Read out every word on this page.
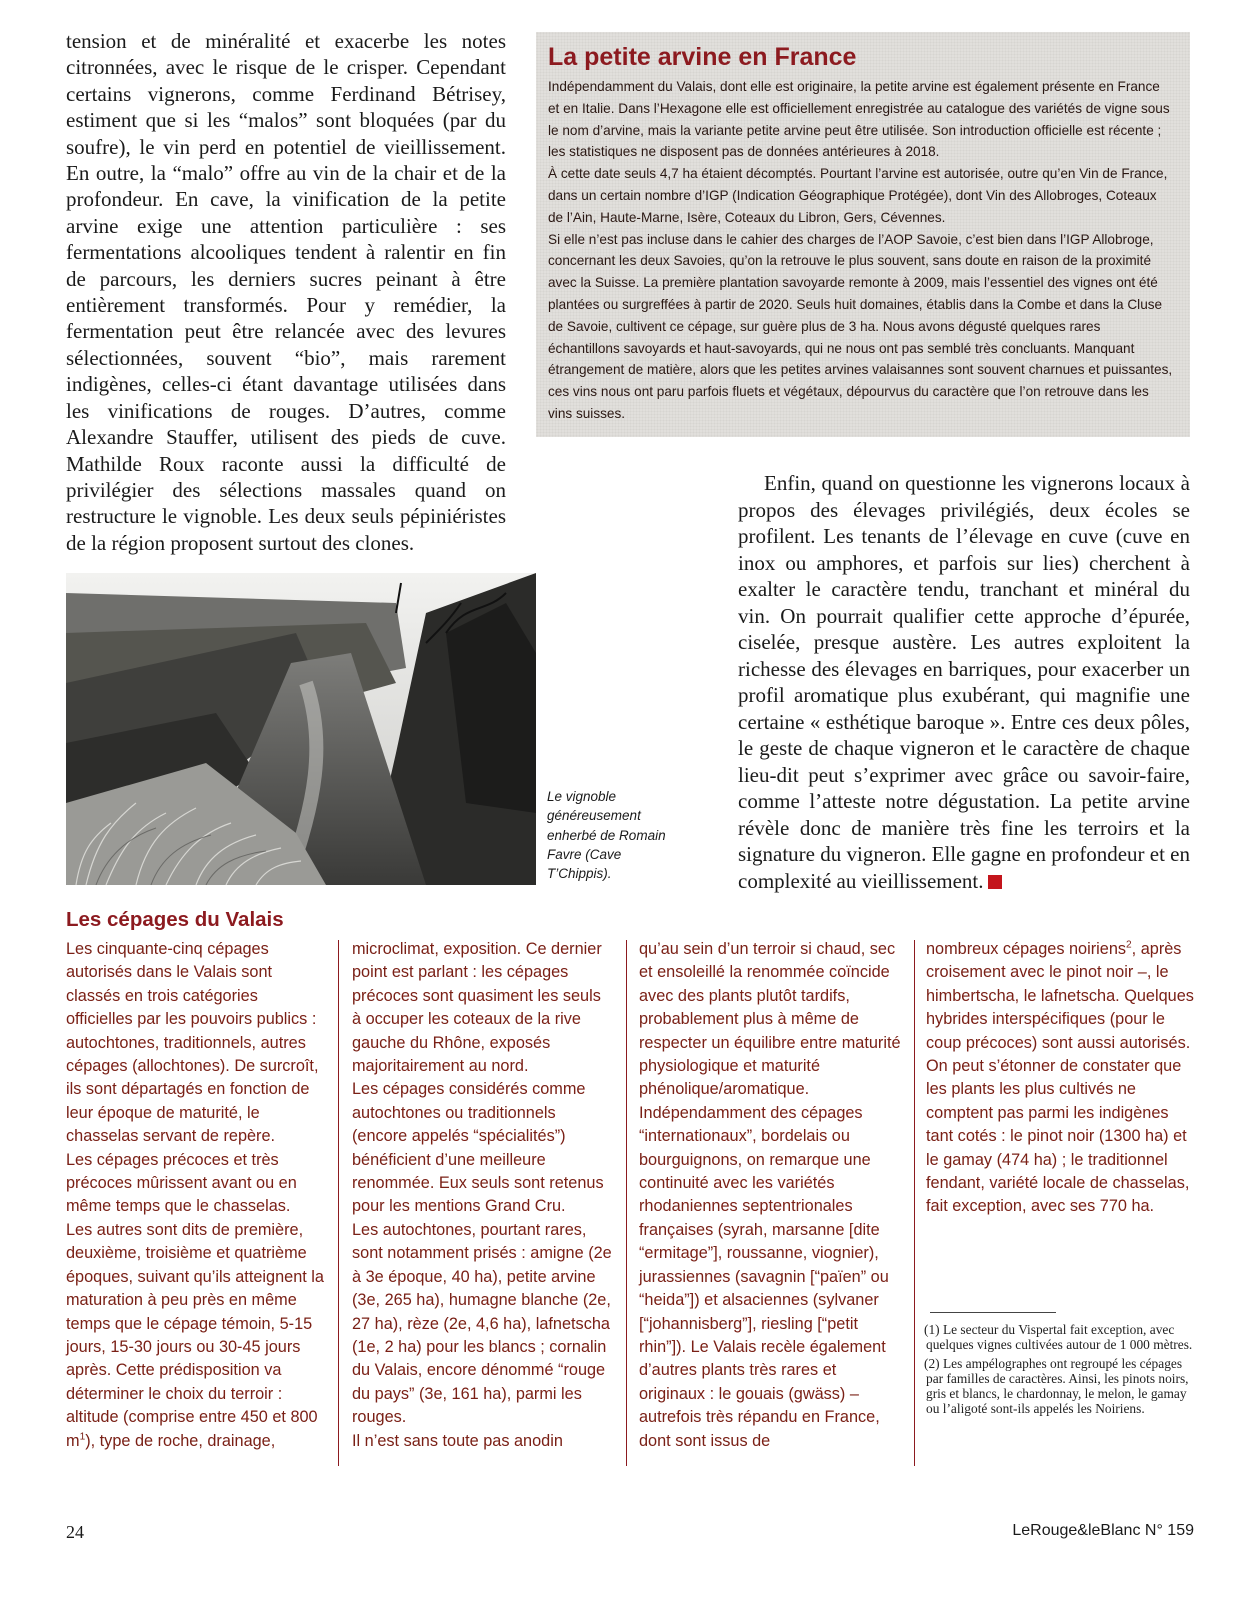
tension et de minéralité et exacerbe les notes citronnées, avec le risque de le crisper. Cependant certains vignerons, comme Ferdinand Bétrisey, estiment que si les “malos” sont bloquées (par du soufre), le vin perd en potentiel de vieillissement. En outre, la “malo” offre au vin de la chair et de la profondeur. En cave, la vinification de la petite arvine exige une attention particulière : ses fermentations alcooliques tendent à ralentir en fin de parcours, les derniers sucres peinant à être entièrement transformés. Pour y remédier, la fermentation peut être relancée avec des levures sélectionnées, souvent “bio”, mais rarement indigènes, celles-ci étant davantage utilisées dans les vinifications de rouges. D’autres, comme Alexandre Stauffer, utilisent des pieds de cuve. Mathilde Roux raconte aussi la difficulté de privilégier des sélections massales quand on restructure le vignoble. Les deux seuls pépiniéristes de la région proposent surtout des clones.

La petite arvine en France

Indépendamment du Valais, dont elle est originaire, la petite arvine est également présente en France et en Italie. Dans l’Hexagone elle est officiellement enregistrée au catalogue des variétés de vigne sous le nom d’arvine, mais la variante petite arvine peut être utilisée. Son introduction officielle est récente ; les statistiques ne disposent pas de données antérieures à 2018.

À cette date seuls 4,7 ha étaient décomptés. Pourtant l’arvine est autorisée, outre qu’en Vin de France, dans un certain nombre d’IGP (Indication Géographique Protégée), dont Vin des Allobroges, Coteaux de l’Ain, Haute-Marne, Isère, Coteaux du Libron, Gers, Cévennes.

Si elle n’est pas incluse dans le cahier des charges de l’AOP Savoie, c’est bien dans l’IGP Allobroge, concernant les deux Savoies, qu’on la retrouve le plus souvent, sans doute en raison de la proximité avec la Suisse. La première plantation savoyarde remonte à 2009, mais l’essentiel des vignes ont été plantées ou surgreffées à partir de 2020. Seuls huit domaines, établis dans la Combe et dans la Cluse de Savoie, cultivent ce cépage, sur guère plus de 3 ha. Nous avons dégusté quelques rares échantillons savoyards et haut-savoyards, qui ne nous ont pas semblé très concluants. Manquant étrangement de matière, alors que les petites arvines valaisannes sont souvent charnues et puissantes, ces vins nous ont paru parfois fluets et végétaux, dépourvus du caractère que l’on retrouve dans les vins suisses.

Enfin, quand on questionne les vignerons locaux à propos des élevages privilégiés, deux écoles se profilent. Les tenants de l’élevage en cuve (cuve en inox ou amphores, et parfois sur lies) cherchent à exalter le caractère tendu, tranchant et minéral du vin. On pourrait qualifier cette approche d’épurée, ciselée, presque austère. Les autres exploitent la richesse des élevages en barriques, pour exacerber un profil aromatique plus exubérant, qui magnifie une certaine « esthétique baroque ». Entre ces deux pôles, le geste de chaque vigneron et le caractère de chaque lieu-dit peut s’exprimer avec grâce ou savoir-faire, comme l’atteste notre dégustation. La petite arvine révèle donc de manière très fine les terroirs et la signature du vigneron. Elle gagne en profondeur et en complexité au vieillissement.

Le vignoble généreusement enherbé de Romain Favre (Cave T’Chippis).

Les cépages du Valais

Les cinquante-cinq cépages autorisés dans le Valais sont classés en trois catégories officielles par les pouvoirs publics : autochtones, traditionnels, autres cépages (allochtones). De surcroît, ils sont départagés en fonction de leur époque de maturité, le chasselas servant de repère.

Les cépages précoces et très précoces mûrissent avant ou en même temps que le chasselas.

Les autres sont dits de première, deuxième, troisième et quatrième époques, suivant qu’ils atteignent la maturation à peu près en même temps que le cépage témoin, 5-15 jours, 15-30 jours ou 30-45 jours après. Cette prédisposition va déterminer le choix du terroir : altitude (comprise entre 450 et 800 $m^1$), type de roche, drainage,

microclimat, exposition. Ce dernier point est parlant : les cépages précoces sont quasiment les seuls à occuper les coteaux de la rive gauche du Rhône, exposés majoritairement au nord.

Les cépages considérés comme autochtones ou traditionnels (encore appelés “spécialités”) bénéficient d’une meilleure renommée. Eux seuls sont retenus pour les mentions Grand Cru.

Les autochtones, pourtant rares, sont notamment prisés : amigne (2e à 3e époque, 40 ha), petite arvine (3e, 265 ha), humagne blanche (2e, 27 ha), rèze (2e, 4,6 ha), lafnetscha (1e, 2 ha) pour les blancs ; cornalin du Valais, encore dénommé “rouge du pays” (3e, 161 ha), parmi les rouges.

Il n’est sans toute pas anodin

qu’au sein d’un terroir si chaud, sec et ensoleillé la renommée coïncide avec des plants plutôt tardifs, probablement plus à même de respecter un équilibre entre maturité physiologique et maturité phénolique/aromatique.

Indépendamment des cépages “internationaux”, bordelais ou bourguignons, on remarque une continuité avec les variétés rhodaniennes septentrionales françaises (syrah, marsanne [dite “ermitage”], roussanne, viognier), jurassiennes (savagnin [“païen” ou “heida”]) et alsaciennes (sylvaner [“johannisberg”], riesling [“petit rhin”]). Le Valais recèle également d’autres plants très rares et originaux : le gouais (gwäss) – autrefois très répandu en France, dont sont issus de

nombreux cépages noiriens$^2$, après croisement avec le pinot noir –, le himbertscha, le lafnetscha. Quelques hybrides interspécifiques (pour le coup précoces) sont aussi autorisés.

On peut s’étonner de constater que les plants les plus cultivés ne comptent pas parmi les indigènes tant cotés : le pinot noir (1300 ha) et le gamay (474 ha) ; le traditionnel fendant, variété locale de chasselas, fait exception, avec ses 770 ha.

(1) Le secteur du Vispertal fait exception, avec quelques vignes cultivées autour de 1 000 mètres.

(2) Les ampélographes ont regroupé les cépages par familles de caractères. Ainsi, les pinots noirs, gris et blancs, le chardonnay, le melon, le gamay ou l’aligoté sont-ils appelés les Noiriens.

24	LeRouge&leBlanc N° 159
